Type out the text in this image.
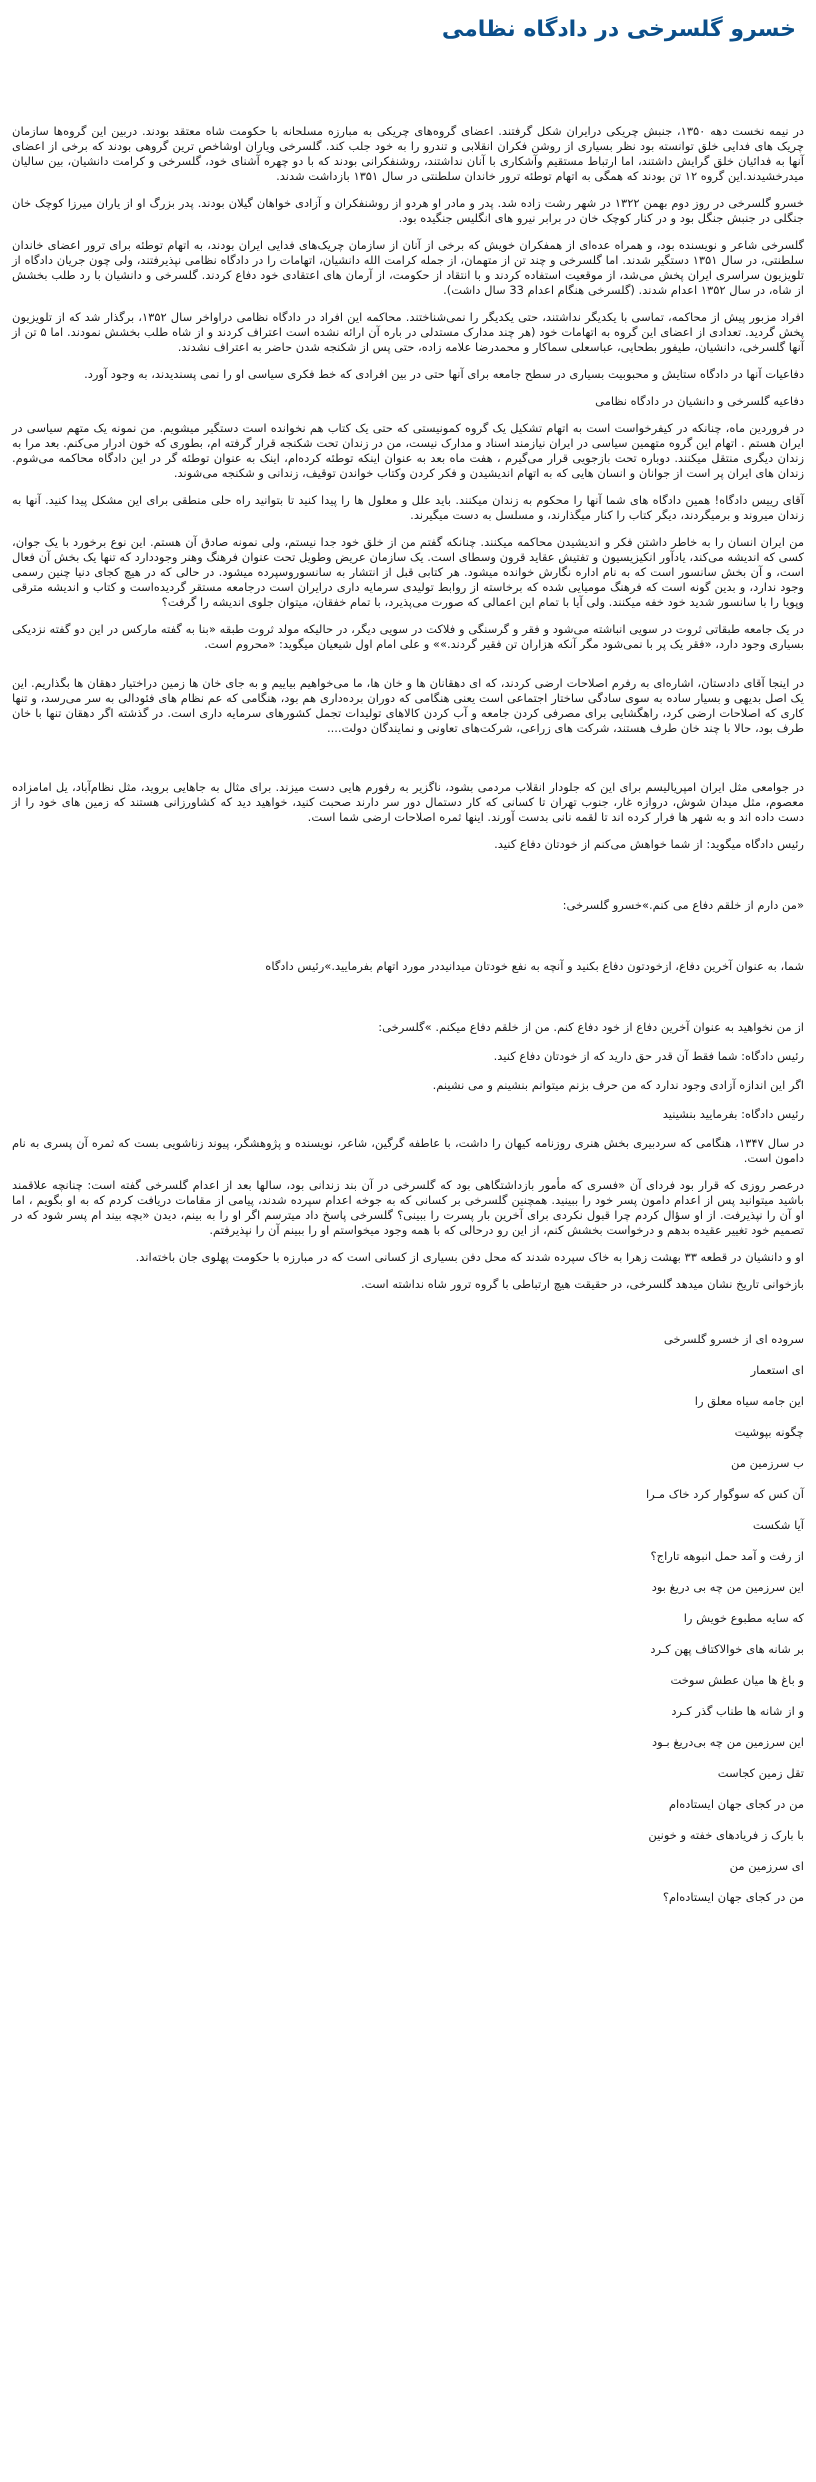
خسرو گلسرخی در دادگاه نظامی

در نیمه نخست دهه ۱۳۵۰، جنبش چریکی درایران شکل گرفتند. اعضای گروه‌های چریکی به مبارزه مسلحانه با حکومت شاه معتقد بودند. دربین این گروه‌ها سازمان چریک های فدایی خلق توانسته بود نظر بسیاری از روشن فکران انقلابی و تندرو را به خود جلب کند. گلسرخی ویاران اوشاخص ترین گروهی بودند که برخی از اعضای آنها به فدائیان خلق گرایش داشتند، اما ارتباط مستقیم وآشکاری با آنان نداشتند، روشنفکرانی بودند که با دو چهره آشنای خود، گلسرخی و کرامت دانشیان، بین سالیان میدرخشیدند.این گروه ۱۲ تن بودند که همگی به اتهام توطئه ترور خاندان سلطنتی در سال ۱۳۵۱ بازداشت شدند.

خسرو گلسرخی در روز دوم بهمن ۱۳۲۲ در شهر رشت زاده شد. پدر و مادر او هردو از روشنفکران و آزادی خواهان گیلان بودند. پدر بزرگ او از یاران میرزا کوچک خان جنگلی در جنبش جنگل بود و در کنار کوچک خان در برابر نیرو های انگلیس جنگیده بود.

گلسرخی شاعر و نویسنده بود، و همراه عده‌ای از همفکران خویش که برخی از آنان از سازمان چریک‌های فدایی ایران بودند، به اتهام توطئه برای ترور اعضای خاندان سلطنتی، در سال ۱۳۵۱ دستگیر شدند. اما گلسرخی و چند تن از متهمان، از جمله کرامت الله دانشیان، اتهامات را در دادگاه نظامی نپذیرفتند، ولی چون جریان دادگاه از تلویزیون سراسری ایران پخش می‌شد، از موقعیت استفاده کردند و با انتقاد از حکومت، از آرمان های اعتقادی خود دفاع کردند. گلسرخی و دانشیان با رد طلب بخشش از شاه، در سال ۱۳۵۲ اعدام شدند. (گلسرخی هنگام اعدام 33 سال داشت).

افراد مزبور پیش از محاکمه، تماسی با یکدیگر نداشتند، حتی یکدیگر را نمی‌شناختند. محاکمه این افراد در دادگاه نظامی دراواخر سال ۱۳۵۲، برگذار شد که از تلویزیون پخش گردید. تعدادی از اعضای این گروه به اتهامات خود (هر چند مدارک مستدلی در باره آن ارائه نشده است اعتراف کردند و از شاه طلب بخشش نمودند. اما ۵ تن از آنها گلسرخی، دانشیان، طیفور بطحایی، عباسعلی سماکار و محمدرضا علامه زاده، حتی پس از شکنجه شدن حاضر به اعتراف نشدند.

دفاعیات آنها در دادگاه ستایش و محبوبیت بسیاری در سطح جامعه برای آنها حتی در بین افرادی که خط فکری سیاسی او را نمی پسندیدند، به وجود آورد.

دفاعیه گلسرخی و دانشیان در دادگاه نظامی

در فروردین ماه، چنانکه در کیفرخواست است به اتهام تشکیل یک گروه کمونیستی که حتی یک کتاب هم نخوانده است دستگیر میشویم. من نمونه یک متهم سیاسی در ایران هستم . اتهام این گروه متهمین سیاسی در ایران نیازمند اسناد و مدارک نیست، من در زندان تحت شکنجه قرار گرفته ام، بطوری که خون ادرار می‌کنم. بعد مرا به زندان دیگری منتقل میکنند. دوباره تحت بازجویی قرار می‌گیرم ، هفت ماه بعد به عنوان اینکه توطئه کرده‌ام، اینک به عنوان توطئه گر در این دادگاه محاکمه می‌شوم. زندان های ایران پر است از جوانان و انسان هایی که به اتهام اندیشیدن و فکر کردن وکتاب خواندن توقیف، زندانی و شکنجه می‌شوند.

آقای رییس دادگاه! همین دادگاه های شما آنها را محکوم به زندان میکنند. باید علل و معلول ها را پیدا کنید تا بتوانید راه حلی منطقی برای این مشکل پیدا کنید. آنها به زندان میروند و برمیگردند، دیگر کتاب را کنار میگذارند، و مسلسل به دست میگیرند.

من ایران انسان را به خاطر داشتن فکر و اندیشیدن محاکمه میکنند. چنانکه گفتم من از خلق خود جدا نیستم، ولی نمونه صادق آن هستم. این نوع برخورد با یک جوان، کسی که اندیشه می‌کند، یادآور انکیزیسیون و تفتیش عقاید قرون وسطای است. یک سازمان عریض وطویل تحت عنوان فرهنگ وهنر وجوددارد که تنها یک بخش آن فعال است، و آن بخش سانسور است که به نام اداره نگارش خوانده میشود. هر کتابی قبل از انتشار به سانسوروسپرده میشود. در حالی که در هیچ کجای دنیا چنین رسمی وجود ندارد، و بدین گونه است که فرهنگ مومیایی شده که برخاسته از روابط تولیدی سرمایه داری درایران است درجامعه مستقر گردیده‌است و کتاب و اندیشه مترقی وپویا را با سانسور شدید خود خفه میکنند. ولی آیا با تمام این اعمالی که صورت می‌پذیرد، با تمام خفقان، میتوان جلوی اندیشه را گرفت؟

در یک جامعه طبقاتی ثروت در سویی انباشته می‌شود و فقر و گرسنگی و فلاکت در سویی دیگر، در حالیکه مولد ثروت طبقه «بنا به گفته مارکس در این دو گفته نزدیکی بسیاری وجود دارد، «فقر یک پر با نمی‌شود مگر آنکه هزاران تن فقیر گردند.»» و علی امام اول شیعیان میگوید: «محروم است.

در اینجا آقای دادستان، اشاره‌ای به رفرم اصلاحات ارضی کردند، که ای دهقانان ها و خان ها، ما می‌خواهیم بیاییم و به جای خان ها زمین دراختیار دهقان ها بگذاریم. این یک اصل بدیهی و بسیار ساده به سوی سادگی ساختار اجتماعی است یعنی هنگامی که دوران برده‌داری هم بود، هنگامی که عم نظام های فئودالی به سر می‌رسد، و تنها کاری که اصلاحات ارضی کرد، راهگشایی برای مصرفی کردن جامعه و آب کردن کالاهای تولیدات تجمل کشورهای سرمایه داری است. در گذشته اگر دهقان تنها با خان طرف بود، حالا با چند خان طرف هستند، شرکت های زراعی، شرکت‌های تعاونی و نمایندگان دولت....

در جوامعی مثل ایران امپریالیسم برای این که جلودار انقلاب مردمی بشود، ناگزیر به رفورم هایی دست میزند. برای مثال به جاهایی بروید، مثل نظام‌آباد، یل امامزاده معصوم، مثل میدان شوش، دروازه غار، جنوب تهران تا کسانی که کار دستمال دور سر دارند صحبت کنید، خواهید دید که کشاورزانی هستند که زمین های خود را از دست داده اند و به شهر ها فرار کرده اند تا لقمه نانی بدست آورند. اینها ثمره اصلاحات ارضی شما است.

رئیس دادگاه میگوید: از شما خواهش می‌کنم از خودتان دفاع کنید.

«من دارم از خلقم دفاع می کنم.»خسرو گلسرخی:

شما، به عنوان آخرین دفاع، ازخودتون دفاع بکنید و آنچه به نفع خودتان میدانیددر مورد اتهام بفرمایید.»رئیس دادگاه

از من نخواهید به عنوان آخرین دفاع از خود دفاع کنم. من از خلقم دفاع میکنم. »گلسرخی:

رئیس دادگاه: شما فقط آن قدر حق دارید که از خودتان دفاع کنید.

اگر این اندازه آزادی وجود ندارد که من حرف بزنم میتوانم بنشینم و می نشینم.

رئیس دادگاه: بفرمایید بنشینید

در سال ۱۳۴۷، هنگامی که سردبیری بخش هنری روزنامه کیهان را داشت، با عاطفه گرگین، شاعر، نویسنده و پژوهشگر، پیوند زناشویی بست که ثمره آن پسری به نام دامون است.

درعصر روزی که قرار بود فردای آن «فسری که مأمور بازداشتگاهی بود که گلسرخی در آن بند زندانی بود، سالها بعد از اعدام گلسرخی گفته است: چنانچه علاقمند باشید میتوانید پس از اعدام دامون پسر خود را ببینید. همچنین گلسرخی بر کسانی که به جوخه اعدام سپرده شدند، پیامی از مقامات دریافت کردم که به او بگویم ، اما او آن را نپذیرفت. از او سؤال کردم چرا قبول نکردی برای آخرین بار پسرت را ببینی؟ گلسرخی پاسخ داد میترسم اگر او را به بینم، دیدن «بچه بیند ام پسر شود که در تصمیم خود تغییر عقیده بدهم و درخواست بخشش کنم، از این رو درحالی که با همه وجود میخواستم او را ببینم آن را نپذیرفتم.

او و دانشیان در قطعه ۳۳ بهشت زهرا به خاک سپرده شدند که محل دفن بسیاری از کسانی است که در مبارزه با حکومت پهلوی جان باخته‌اند.

بازخوانی تاریخ نشان میدهد گلسرخی، در حقیقت هیچ ارتباطی با گروه ترور شاه نداشته است.

سروده ای از خسرو گلسرخی

ای استعمار

این جامه سیاه معلق را

چگونه بپوشیت

ب سرزمین من

آن کس که سوگوار کرد خاک مـرا

آیا شکست

از رفت و آمد حمل انبوهه تاراج؟

این سرزمین من چه بی دریغ بود

که سایه مطبوع خویش را

بر شانه های خوالاکتاف پهن کـرد

و باغ ها میان عطش سوخت

و از شانه ها طناب گذر کـرد

این سرزمین من چه بی‌دریغ بـود

تقل زمین کجاست

من در کجای جهان ایستاده‌ام

با بارک ز فریادهای خفته و خونین

ای سرزمین من

من در کجای جهان ایستاده‌ام؟
